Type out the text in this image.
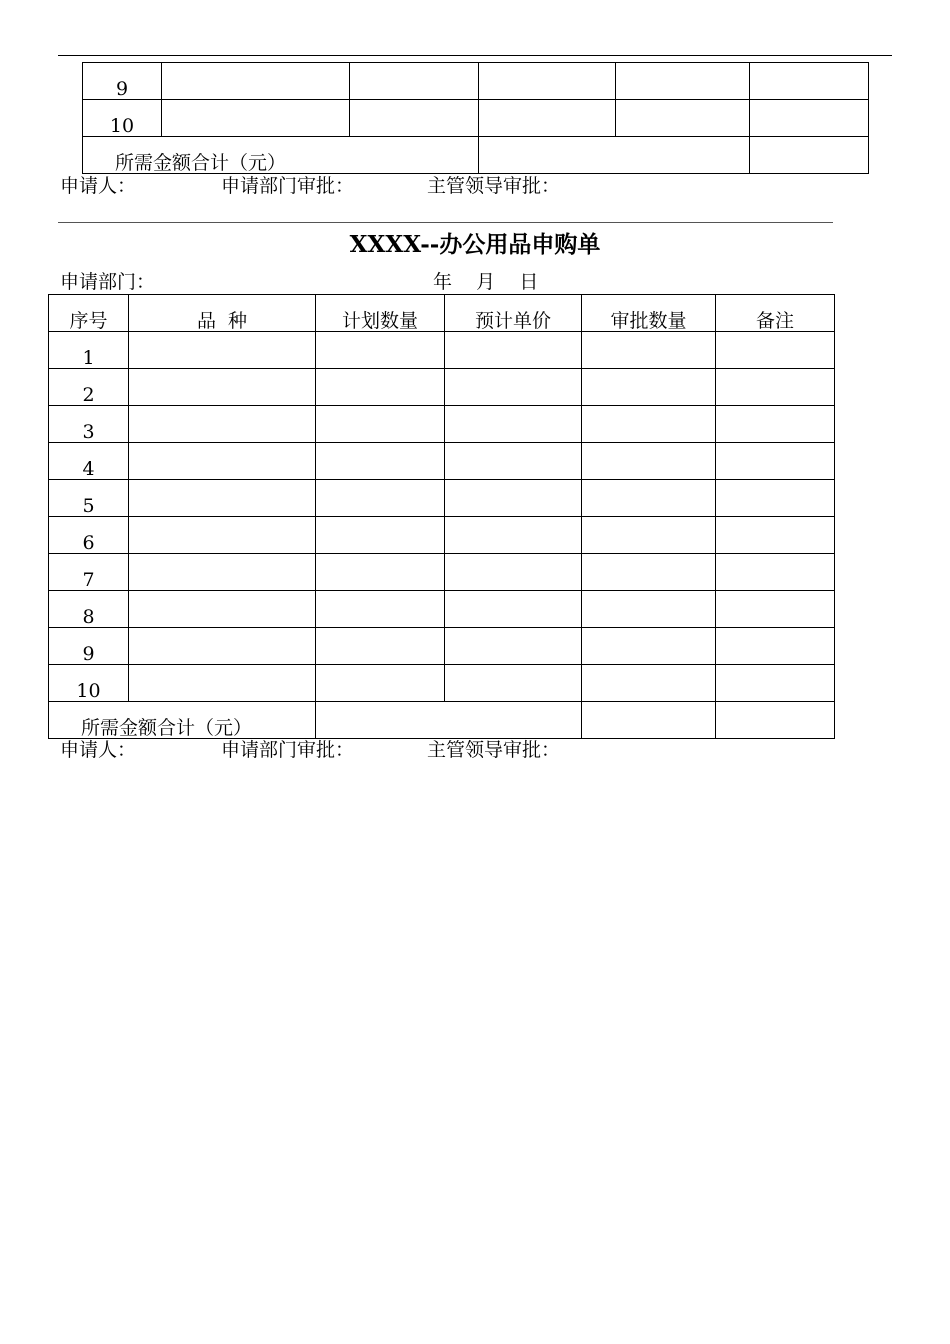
9						
10						
所需金额合计（元）						
申请人：	申请部门审批：	主管领导审批：
XXXX--办公用品申购单
申请部门：	年    月    日
序号	品  种	计划数量	预计单价	审批数量	备注
1					
2					
3					
4					
5					
6					
7					
8					
9					
10					
所需金额合计（元）					
申请人：	申请部门审批：	主管领导审批：
